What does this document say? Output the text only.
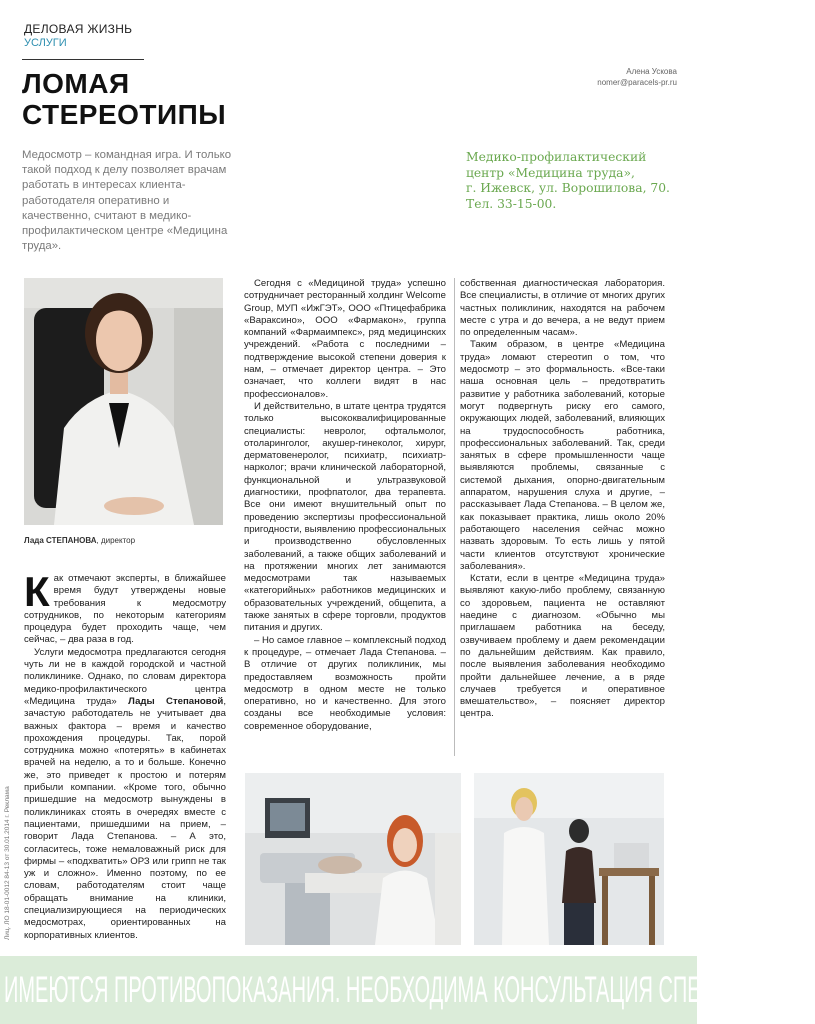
ДЕЛОВАЯ ЖИЗНЬ
УСЛУГИ
ЛОМАЯ
СТЕРЕОТИПЫ
Алена Ускова
nomer@paracels-pr.ru
Медосмотр – командная игра. И только такой подход к делу позволяет врачам работать в интересах клиента-работодателя оперативно и качественно, считают в медико-профилактическом центре «Медицина труда».
Медико-профилактический
центр «Медицина труда»,
г. Ижевск, ул. Ворошилова, 70.
Тел. 33-15-00.
Лада СТЕПАНОВА, директор

Как отмечают эксперты, в ближайшее время будут утверждены новые требования к медосмотру сотрудников, по некоторым категориям процедура будет проходить чаще, чем сейчас, – два раза в год.

Услуги медосмотра предлагаются сегодня чуть ли не в каждой городской и частной поликлинике. Однако, по словам директора медико-профилактического центра «Медицина труда» Лады Степановой, зачастую работодатель не учитывает два важных фактора – время и качество прохождения процедуры. Так, порой сотрудника можно «потерять» в кабинетах врачей на неделю, а то и больше. Конечно же, это приведет к простою и потерям прибыли компании. «Кроме того, обычно пришедшие на медосмотр вынуждены в поликлиниках стоять в очередях вместе с пациентами, пришедшими на прием, – говорит Лада Степанова. – А это, согласитесь, тоже немаловажный риск для фирмы – «подхватить» ОРЗ или грипп не так уж и сложно». Именно поэтому, по ее словам, работодателям стоит чаще обращать внимание на клиники, специализирующиеся на периодических медосмотрах, ориентированных на корпоративных клиентов.

Сегодня с «Медициной труда» успешно сотрудничает ресторанный холдинг Welcome Group, МУП «ИжГЭТ», ООО «Птицефабрика «Вараксино», ООО «Фармакон», группа компаний «Фармаимпекс», ряд медицинских учреждений. «Работа с последними – подтверждение высокой степени доверия к нам, – отмечает директор центра. – Это означает, что коллеги видят в нас профессионалов».

И действительно, в штате центра трудятся только высококвалифицированные специалисты: невролог, офтальмолог, отоларинголог, акушер-гинеколог, хирург, дерматовенеролог, психиатр, психиатр-нарколог; врачи клинической лабораторной, функциональной и ультразвуковой диагностики, профпатолог, два терапевта. Все они имеют внушительный опыт по проведению экспертизы профессиональной пригодности, выявлению профессиональных и производственно обусловленных заболеваний, а также общих заболеваний и на протяжении многих лет занимаются медосмотрами так называемых «категорийных» работников медицинских и образовательных учреждений, общепита, а также занятых в сфере торговли, продуктов питания и других.

– Но самое главное – комплексный подход к процедуре, – отмечает Лада Степанова. – В отличие от других поликлиник, мы предоставляем возможность пройти медосмотр в одном месте не только оперативно, но и качественно. Для этого созданы все необходимые условия: современное оборудование,

собственная диагностическая лаборатория. Все специалисты, в отличие от многих других частных поликлиник, находятся на рабочем месте с утра и до вечера, а не ведут прием по определенным часам».

Таким образом, в центре «Медицина труда» ломают стереотип о том, что медосмотр – это формальность. «Все-таки наша основная цель – предотвратить развитие у работника заболеваний, которые могут подвергнуть риску его самого, окружающих людей, заболеваний, влияющих на трудоспособность работника, профессиональных заболеваний. Так, среди занятых в сфере промышленности чаще выявляются проблемы, связанные с системой дыхания, опорно-двигательным аппаратом, нарушения слуха и другие, – рассказывает Лада Степанова. – В целом же, как показывает практика, лишь около 20% работающего населения сейчас можно назвать здоровым. То есть лишь у пятой части клиентов отсутствуют хронические заболевания».

Кстати, если в центре «Медицина труда» выявляют какую-либо проблему, связанную со здоровьем, пациента не оставляют наедине с диагнозом. «Обычно мы приглашаем работника на беседу, озвучиваем проблему и даем рекомендации по дальнейшим действиям. Как правило, после выявления заболевания необходимо пройти дальнейшее лечение, а в ряде случаев требуется и оперативное вмешательство», – поясняет директор центра.

Лиц. ЛО 18-01-0012 84-13 от 30.01.2014 г. Реклама
ИМЕЮТСЯ ПРОТИВОПОКАЗАНИЯ. НЕОБХОДИМА КОНСУЛЬТАЦИЯ СПЕЦИАЛИСТА.
